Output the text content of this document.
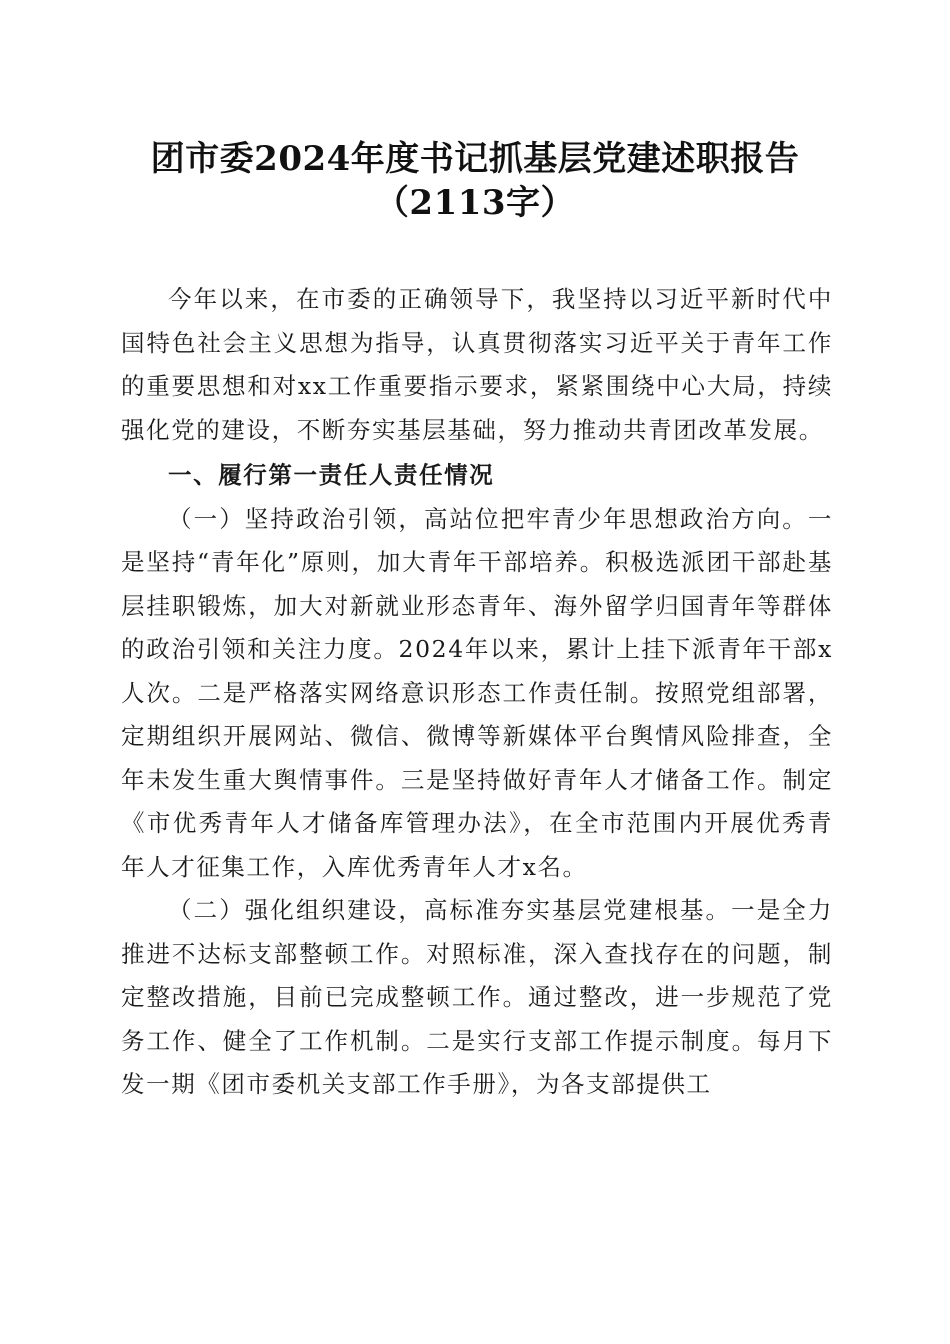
团市委2024年度书记抓基层党建述职报告
（2113字）

今年以来，在市委的正确领导下，我坚持以习近平新时代中国特色社会主义思想为指导，认真贯彻落实习近平关于青年工作的重要思想和对xx工作重要指示要求，紧紧围绕中心大局，持续强化党的建设，不断夯实基层基础，努力推动共青团改革发展。

一、履行第一责任人责任情况

（一）坚持政治引领，高站位把牢青少年思想政治方向。一是坚持“青年化”原则，加大青年干部培养。积极选派团干部赴基层挂职锻炼，加大对新就业形态青年、海外留学归国青年等群体的政治引领和关注力度。2024年以来，累计上挂下派青年干部x人次。二是严格落实网络意识形态工作责任制。按照党组部署，定期组织开展网站、微信、微博等新媒体平台舆情风险排查，全年未发生重大舆情事件。三是坚持做好青年人才储备工作。制定《市优秀青年人才储备库管理办法》，在全市范围内开展优秀青年人才征集工作，入库优秀青年人才x名。

（二）强化组织建设，高标准夯实基层党建根基。一是全力推进不达标支部整顿工作。对照标准，深入查找存在的问题，制定整改措施，目前已完成整顿工作。通过整改，进一步规范了党务工作、健全了工作机制。二是实行支部工作提示制度。每月下发一期《团市委机关支部工作手册》，为各支部提供工
